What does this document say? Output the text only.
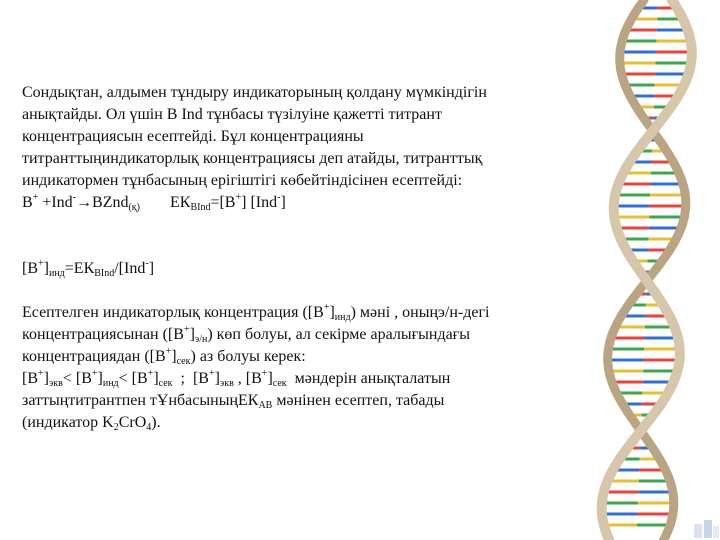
Сондықтан, алдымен тұндыру индикаторының қолдану мүмкіндігін
анықтайды. Ол үшін B Ind тұнбасы түзілуіне қажетті титрант
концентрациясын есептейді. Бұл концентрацияны
титранттыңиндикаторлық концентрациясы деп атайды, титранттық
индикатормен тұнбасының ерігіштігі көбейтіндісінен есептейді:
B+ +Ind-→BZnd$_{(қ)}$ $ЕК_{BInd}=[B^+]$ [Ind-]
$[B^+]_{инд}=ЕК_{BInd}/[Ind^-]$
Есептелген индикаторлық концентрация $([B^+]_{инд})$ мәні , оныңэ/н-дегі
концентрациясынан $([B^+]_{э/н})$ көп болуы, ал секірме аралығындағы
концентрациядан $([B^+]_{сек})$ аз болуы керек:
$[B^+]_{экв}< [B^+]_{инд}< [B^+]_{сек}$  ;  $[B^+]_{экв}$ , $[B^+]_{сек}$  мәндерін анықталатын
заттыңтитрантпен тҰнбасыныңЕК$_{AB}$ мәнінен есептеп, табады
(индикатор $K_2CrO_4$).
